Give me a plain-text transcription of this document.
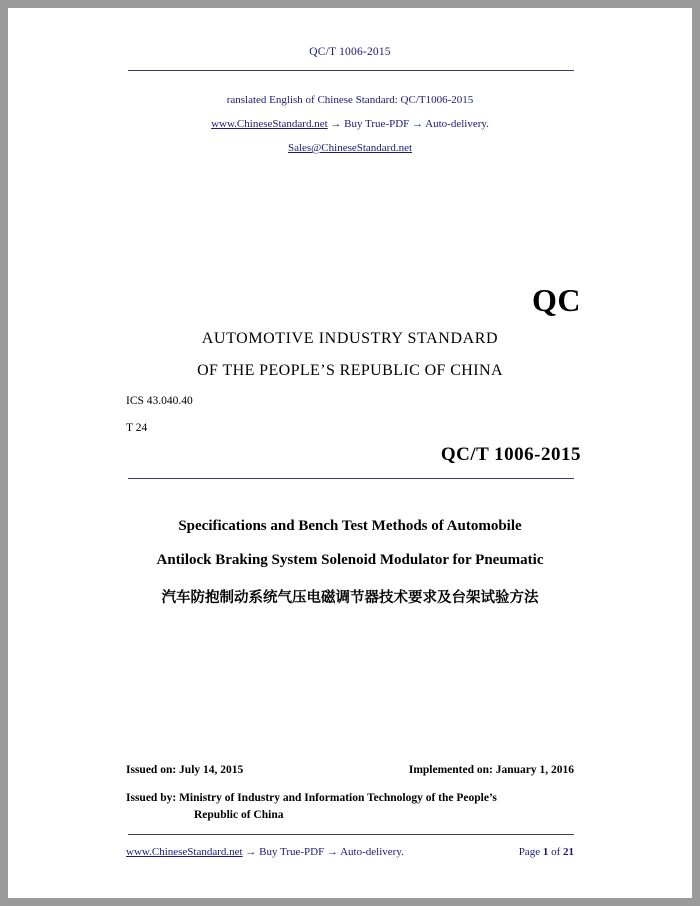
QC/T 1006-2015
ranslated English of Chinese Standard: QC/T1006-2015
www.ChineseStandard.net → Buy True-PDF → Auto-delivery.
Sales@ChineseStandard.net
QC
AUTOMOTIVE INDUSTRY STANDARD
OF THE PEOPLE’S REPUBLIC OF CHINA
ICS 43.040.40
T 24
QC/T 1006-2015
Specifications and Bench Test Methods of Automobile
Antilock Braking System Solenoid Modulator for Pneumatic
汽车防抱制动系统气压电磁调节器技术要求及台架试验方法
Issued on: July 14, 2015	Implemented on: January 1, 2016
Issued by: Ministry of Industry and Information Technology of the People’s
Republic of China
www.ChineseStandard.net → Buy True-PDF → Auto-delivery.	Page 1 of 21
